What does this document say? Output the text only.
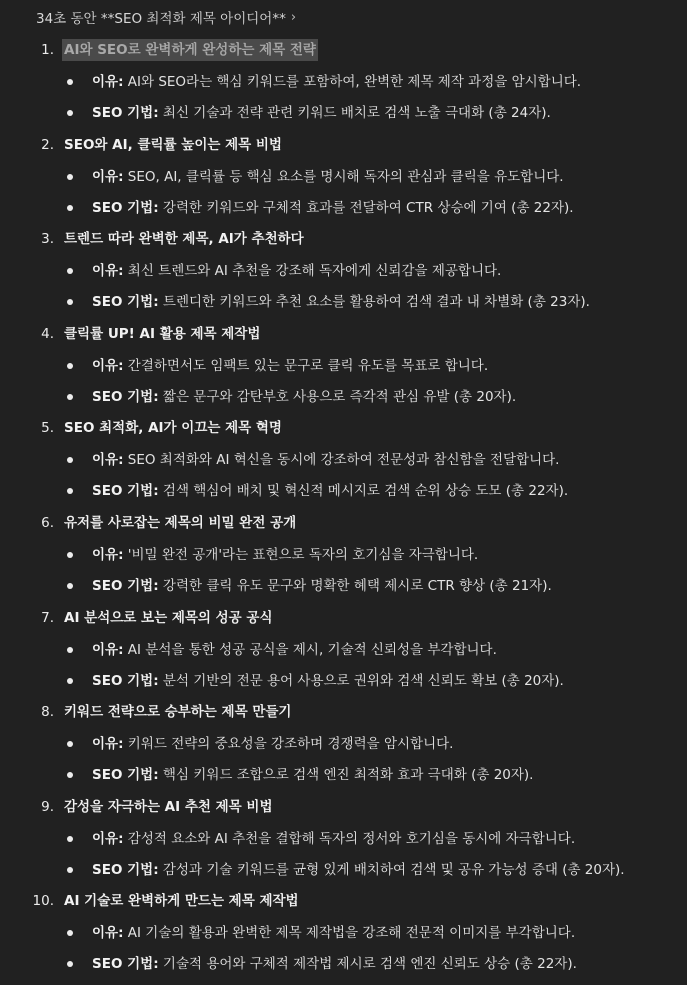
34초 동안 **SEO 최적화 제목 아이디어** ›
1. AI와 SEO로 완벽하게 완성하는 제목 전략
이유: AI와 SEO라는 핵심 키워드를 포함하여, 완벽한 제목 제작 과정을 암시합니다.
SEO 기법: 최신 기술과 전략 관련 키워드 배치로 검색 노출 극대화 (총 24자).
2. SEO와 AI, 클릭률 높이는 제목 비법
이유: SEO, AI, 클릭률 등 핵심 요소를 명시해 독자의 관심과 클릭을 유도합니다.
SEO 기법: 강력한 키워드와 구체적 효과를 전달하여 CTR 상승에 기여 (총 22자).
3. 트렌드 따라 완벽한 제목, AI가 추천하다
이유: 최신 트렌드와 AI 추천을 강조해 독자에게 신뢰감을 제공합니다.
SEO 기법: 트렌디한 키워드와 추천 요소를 활용하여 검색 결과 내 차별화 (총 23자).
4. 클릭률 UP! AI 활용 제목 제작법
이유: 간결하면서도 임팩트 있는 문구로 클릭 유도를 목표로 합니다.
SEO 기법: 짧은 문구와 감탄부호 사용으로 즉각적 관심 유발 (총 20자).
5. SEO 최적화, AI가 이끄는 제목 혁명
이유: SEO 최적화와 AI 혁신을 동시에 강조하여 전문성과 참신함을 전달합니다.
SEO 기법: 검색 핵심어 배치 및 혁신적 메시지로 검색 순위 상승 도모 (총 22자).
6. 유저를 사로잡는 제목의 비밀 완전 공개
이유: '비밀 완전 공개'라는 표현으로 독자의 호기심을 자극합니다.
SEO 기법: 강력한 클릭 유도 문구와 명확한 혜택 제시로 CTR 향상 (총 21자).
7. AI 분석으로 보는 제목의 성공 공식
이유: AI 분석을 통한 성공 공식을 제시, 기술적 신뢰성을 부각합니다.
SEO 기법: 분석 기반의 전문 용어 사용으로 권위와 검색 신뢰도 확보 (총 20자).
8. 키워드 전략으로 승부하는 제목 만들기
이유: 키워드 전략의 중요성을 강조하며 경쟁력을 암시합니다.
SEO 기법: 핵심 키워드 조합으로 검색 엔진 최적화 효과 극대화 (총 20자).
9. 감성을 자극하는 AI 추천 제목 비법
이유: 감성적 요소와 AI 추천을 결합해 독자의 정서와 호기심을 동시에 자극합니다.
SEO 기법: 감성과 기술 키워드를 균형 있게 배치하여 검색 및 공유 가능성 증대 (총 20자).
10. AI 기술로 완벽하게 만드는 제목 제작법
이유: AI 기술의 활용과 완벽한 제목 제작법을 강조해 전문적 이미지를 부각합니다.
SEO 기법: 기술적 용어와 구체적 제작법 제시로 검색 엔진 신뢰도 상승 (총 22자).
